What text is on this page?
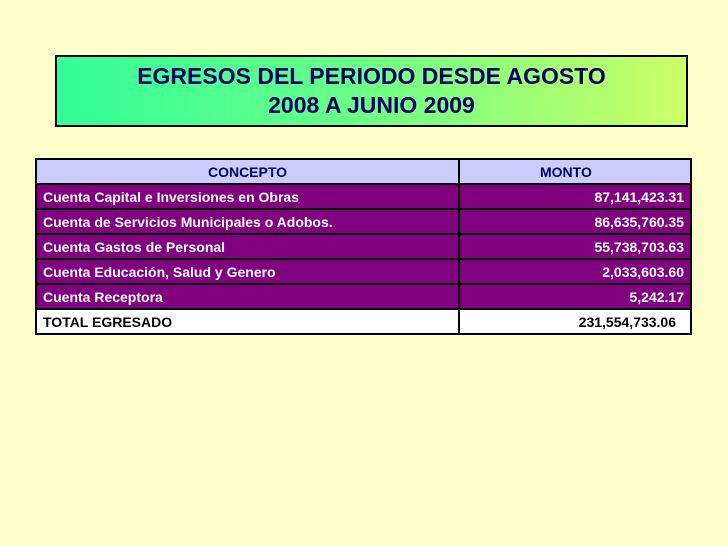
EGRESOS DEL PERIODO DESDE AGOSTO
2008 A JUNIO 2009
CONCEPTO	MONTO
Cuenta Capital e Inversiones en Obras	87,141,423.31
Cuenta de Servicios Municipales o Adobos.	86,635,760.35
Cuenta Gastos de Personal	55,738,703.63
Cuenta Educación, Salud y Genero	2,033,603.60
Cuenta Receptora	5,242.17
TOTAL EGRESADO	231,554,733.06
